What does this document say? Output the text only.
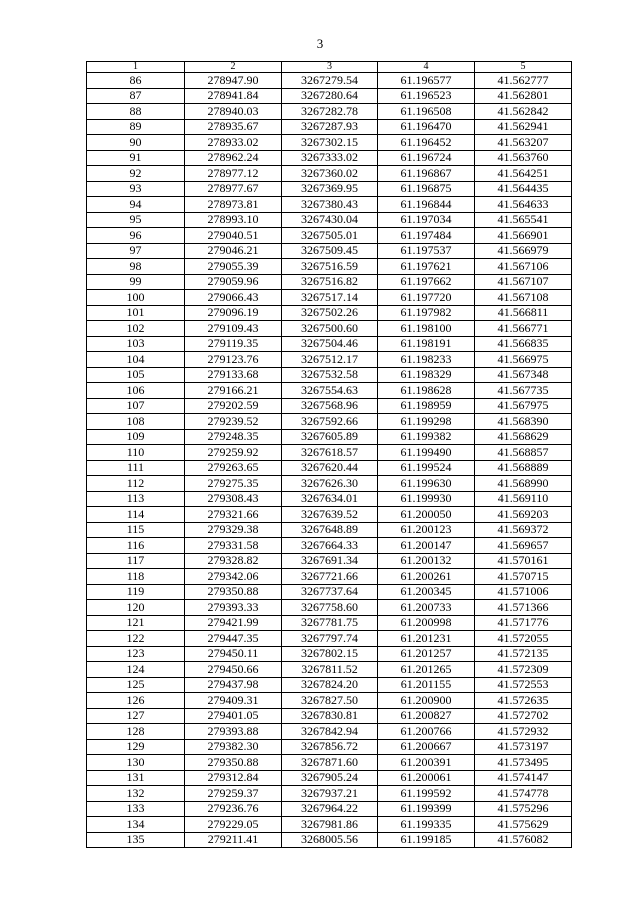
3
1	2	3	4	5
86	278947.90	3267279.54	61.196577	41.562777
87	278941.84	3267280.64	61.196523	41.562801
88	278940.03	3267282.78	61.196508	41.562842
89	278935.67	3267287.93	61.196470	41.562941
90	278933.02	3267302.15	61.196452	41.563207
91	278962.24	3267333.02	61.196724	41.563760
92	278977.12	3267360.02	61.196867	41.564251
93	278977.67	3267369.95	61.196875	41.564435
94	278973.81	3267380.43	61.196844	41.564633
95	278993.10	3267430.04	61.197034	41.565541
96	279040.51	3267505.01	61.197484	41.566901
97	279046.21	3267509.45	61.197537	41.566979
98	279055.39	3267516.59	61.197621	41.567106
99	279059.96	3267516.82	61.197662	41.567107
100	279066.43	3267517.14	61.197720	41.567108
101	279096.19	3267502.26	61.197982	41.566811
102	279109.43	3267500.60	61.198100	41.566771
103	279119.35	3267504.46	61.198191	41.566835
104	279123.76	3267512.17	61.198233	41.566975
105	279133.68	3267532.58	61.198329	41.567348
106	279166.21	3267554.63	61.198628	41.567735
107	279202.59	3267568.96	61.198959	41.567975
108	279239.52	3267592.66	61.199298	41.568390
109	279248.35	3267605.89	61.199382	41.568629
110	279259.92	3267618.57	61.199490	41.568857
111	279263.65	3267620.44	61.199524	41.568889
112	279275.35	3267626.30	61.199630	41.568990
113	279308.43	3267634.01	61.199930	41.569110
114	279321.66	3267639.52	61.200050	41.569203
115	279329.38	3267648.89	61.200123	41.569372
116	279331.58	3267664.33	61.200147	41.569657
117	279328.82	3267691.34	61.200132	41.570161
118	279342.06	3267721.66	61.200261	41.570715
119	279350.88	3267737.64	61.200345	41.571006
120	279393.33	3267758.60	61.200733	41.571366
121	279421.99	3267781.75	61.200998	41.571776
122	279447.35	3267797.74	61.201231	41.572055
123	279450.11	3267802.15	61.201257	41.572135
124	279450.66	3267811.52	61.201265	41.572309
125	279437.98	3267824.20	61.201155	41.572553
126	279409.31	3267827.50	61.200900	41.572635
127	279401.05	3267830.81	61.200827	41.572702
128	279393.88	3267842.94	61.200766	41.572932
129	279382.30	3267856.72	61.200667	41.573197
130	279350.88	3267871.60	61.200391	41.573495
131	279312.84	3267905.24	61.200061	41.574147
132	279259.37	3267937.21	61.199592	41.574778
133	279236.76	3267964.22	61.199399	41.575296
134	279229.05	3267981.86	61.199335	41.575629
135	279211.41	3268005.56	61.199185	41.576082
